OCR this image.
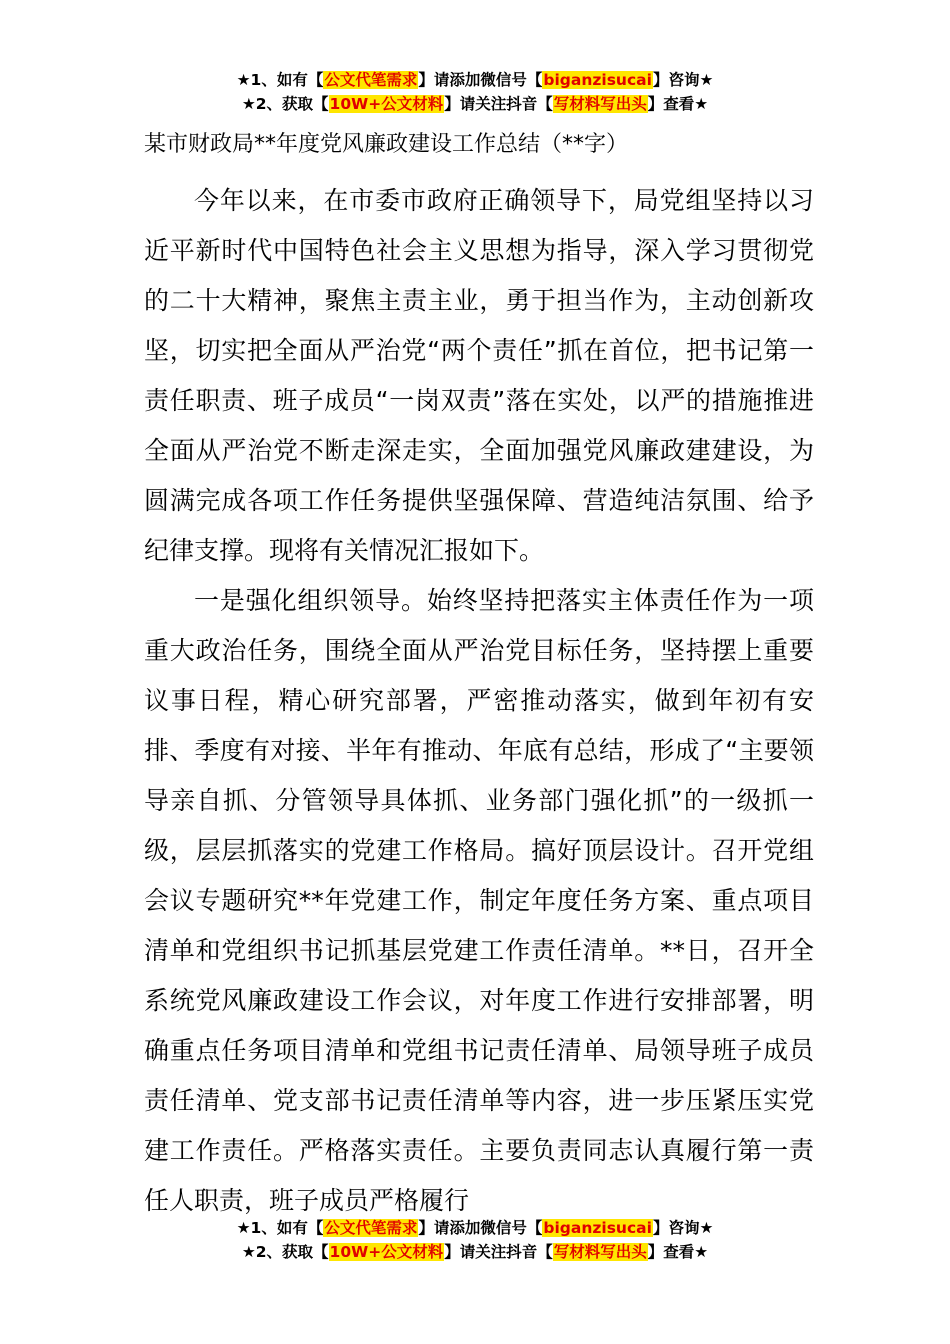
★1、如有【公文代笔需求】请添加微信号【biganzisucai】咨询★
★2、获取【10W+公文材料】请关注抖音【写材料写出头】查看★
某市财政局**年度党风廉政建设工作总结（**字）

今年以来，在市委市政府正确领导下，局党组坚持以习近平新时代中国特色社会主义思想为指导，深入学习贯彻党的二十大精神，聚焦主责主业，勇于担当作为，主动创新攻坚，切实把全面从严治党“两个责任”抓在首位，把书记第一责任职责、班子成员“一岗双责”落在实处，以严的措施推进全面从严治党不断走深走实，全面加强党风廉政建建设，为圆满完成各项工作任务提供坚强保障、营造纯洁氛围、给予纪律支撑。现将有关情况汇报如下。

一是强化组织领导。始终坚持把落实主体责任作为一项重大政治任务，围绕全面从严治党目标任务，坚持摆上重要议事日程，精心研究部署，严密推动落实，做到年初有安排、季度有对接、半年有推动、年底有总结，形成了“主要领导亲自抓、分管领导具体抓、业务部门强化抓”的一级抓一级，层层抓落实的党建工作格局。搞好顶层设计。召开党组会议专题研究**年党建工作，制定年度任务方案、重点项目清单和党组织书记抓基层党建工作责任清单。**日，召开全系统党风廉政建设工作会议，对年度工作进行安排部署，明确重点任务项目清单和党组书记责任清单、局领导班子成员责任清单、党支部书记责任清单等内容，进一步压紧压实党建工作责任。严格落实责任。主要负责同志认真履行第一责任人职责，班子成员严格履行

★1、如有【公文代笔需求】请添加微信号【biganzisucai】咨询★
★2、获取【10W+公文材料】请关注抖音【写材料写出头】查看★
